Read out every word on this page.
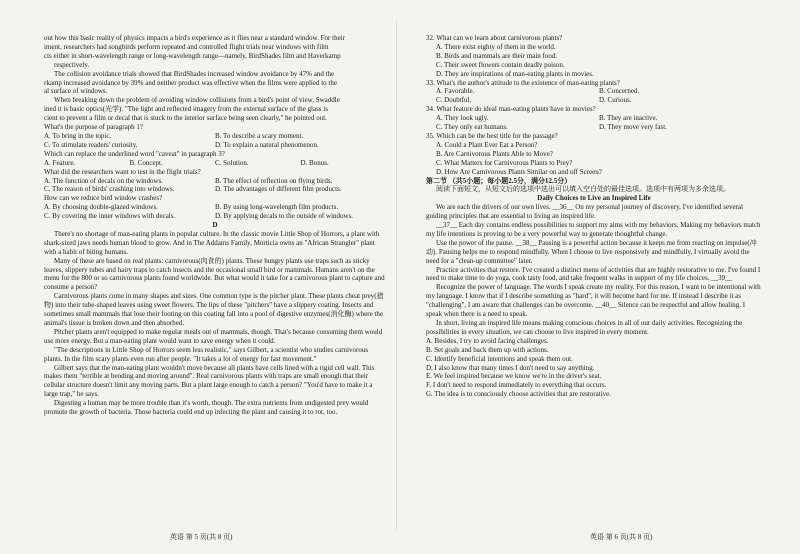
out how this basic reality of physics impacts a bird's experience as it flies near a standard window. For their

iment, researchers had songbirds perform repeated and controlled flight trials near windows with film

cts either in short-wavelength range or long-wavelength range—namely, BirdShades film and Haverkamp

respectively.

The collision avoidance trials showed that BirdShades increased window avoidance by 47% and the

rkamp increased avoidance by 39% and neither product was effective when the films were applied to the

al surface of windows.

When breaking down the problem of avoiding window collisions from a bird's point of view, Swaddle

ined it is basic optics(光学). "The light and reflected imagery from the external surface of the glass is

cient to prevent a film or decal that is stuck to the interior surface being seen clearly," he pointed out.

What's the purpose of paragraph 1?

A. To bring in the topic.	B. To describe a scary moment.
C. To stimulate readers' curiosity.	D. To explain a natural phenomenon.

Which can replace the underlined word "caveat" in paragraph 3?

A. Feature.	B. Concept.	C. Solution.	D. Bonus.

What did the researchers want to test in the flight trials?

A. The function of decals on the windows.	B. The effect of reflection on flying birds.
C. The reason of birds' crashing into windows.	D. The advantages of different film products.

How can we reduce bird window crashes?

A. By choosing double-glazed windows.	B. By using long-wavelength film products.
C. By covering the inner windows with decals.	D. By applying decals to the outside of windows.

D

There's no shortage of man-eating plants in popular culture. In the classic movie Little Shop of Horrors, a plant with shark-sized jaws needs human blood to grow. And in The Addams Family, Morticia owns an "African Strangler" plant with a habit of biting humans.

Many of these are based on real plants: carnivorous(肉食的) plants. These hungry plants use traps such as sticky leaves, slippery tubes and hairy traps to catch insects and the occasional small bird or mammals. Humans aren't on the menu for the 800 or so carnivorous plants found worldwide. But what would it take for a carnivorous plant to capture and consume a person?

Carnivorous plants come in many shapes and sizes. One common type is the pitcher plant. These plants cheat prey(猎物) into their tube-shaped leaves using sweet flowers. The lips of these "pitchers" have a slippery coating. Insects and sometimes small mammals that lose their footing on this coating fall into a pool of digestive enzymes(消化酶) where the animal's tissue is broken down and then absorbed.

Pitcher plants aren't equipped to make regular meals out of mammals, though. That's because consuming them would use more energy. But a man-eating plant would want to save energy when it could.

"The descriptions in Little Shop of Horrors seem less realistic," says Gilbert, a scientist who studies carnivorous plants. In the film scary plants even run after people. "It takes a lot of energy for fast movement."

Gilbert says that the man-eating plant wouldn't move because all plants have cells lined with a rigid cell wall. This makes them "terrible at bending and moving around". Real carnivorous plants with traps are small enough that their cellular structure doesn't limit any moving parts. But a plant large enough to catch a person? "You'd have to make it a large trap," he says.

Digesting a human may be more trouble than it's worth, though. The extra nutrients from undigested prey would promote the growth of bacteria. Those bacteria could end up infecting the plant and causing it to rot, too.

英语 第 5 页(共 8 页)

32. What can we learn about carnivorous plants?

A. There exist eighty of them in the world.

B. Birds and mammals are their main food.

C. Their sweet flowers contain deadly poison.

D. They are inspirations of man-eating plants in movies.

33. What's the author's attitude to the existence of man-eating plants?

A. Favorable.	B. Concerned.
C. Doubtful.	D. Curious.

34. What feature do ideal man-eating plants have in movies?

A. They look ugly.	B. They are inactive.
C. They only eat humans.	D. They move very fast.

35. Which can be the best title for the passage?

A. Could a Plant Ever Eat a Person?

B. Are Carnivorous Plants Able to Move?

C. What Matters for Carnivorous Plants to Prey?

D. How Are Carnivorous Plants Similar on and off Screen?

第二节 （共5小题；每小题2.5分，满分12.5分）

阅读下面短文，从短文后的选项中选出可以填入空白处的最佳选项。选项中有两项为多余选项。

Daily Choices to Live an Inspired Life

We are each the drivers of our own lives. __36__ On my personal journey of discovery, I've identified several guiding principles that are essential to living an inspired life.

__37__ Each day contains endless possibilities to support my aims with my behaviors. Making my behaviors match my life intentions is proving to be a very powerful way to generate thoughtful change.

Use the power of the pause. __38__ Pausing is a powerful action because it keeps me from reacting on impulse(冲动). Pausing helps me to respond mindfully. When I choose to live responsively and mindfully, I virtually avoid the need for a "clean-up committee" later.

Practice activities that restore. I've created a distinct menu of activities that are highly restorative to me. I've found I need to make time to do yoga, cook tasty food, and take frequent walks in support of my life choices. __39__

Recognize the power of language. The words I speak create my reality. For this reason, I want to be intentional with my language. I know that if I describe something as "hard", it will become hard for me. If instead I describe it as "challenging", I am aware that challenges can be overcome. __40__ Silence can be respectful and allow healing. I speak when there is a need to speak.

In short, living an inspired life means making conscious choices in all of our daily activities. Recognizing the possibilities in every situation, we can choose to live inspired in every moment.

A. Besides, I try to avoid facing challenges.

B. Set goals and back them up with actions.

C. Identify beneficial intentions and speak them out.

D. I also know that many times I don't need to say anything.

E. We feel inspired because we know we're in the driver's seat.

F. I don't need to respond immediately to everything that occurs.

G. The idea is to consciously choose activities that are restorative.

英语 第 6 页(共 8 页)
